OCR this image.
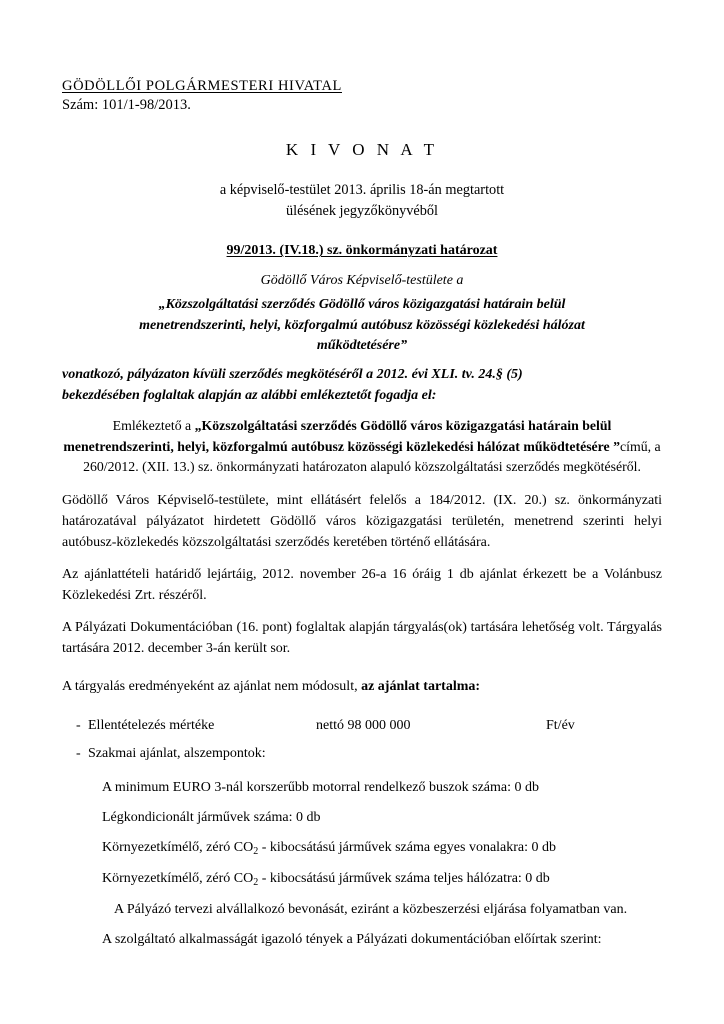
GÖDÖLLŐI POLGÁRMESTERI HIVATAL
Szám: 101/1-98/2013.
K I V O N A T
a képviselő-testület 2013. április 18-án megtartott
ülésének jegyzőkönyvéből
99/2013. (IV.18.) sz. önkormányzati határozat
Gödöllő Város Képviselő-testülete a
„Közszolgáltatási szerződés Gödöllő város közigazgatási határain belül
menetrendszerinti, helyi, közforgalmú autóbusz közösségi közlekedési hálózat
működtetésére”
vonatkozó, pályázaton kívüli szerződés megkötéséről a 2012. évi XLI. tv. 24.§ (5)
bekezdésében foglaltak alapján az alábbi emlékeztetőt fogadja el:
Emlékeztető a „Közszolgáltatási szerződés Gödöllő város közigazgatási határain belül menetrendszerinti, helyi, közforgalmú autóbusz közösségi közlekedési hálózat működtetésére ”című, a 260/2012. (XII. 13.) sz. önkormányzati határozaton alapuló közszolgáltatási szerződés megkötéséről.
Gödöllő Város Képviselő-testülete, mint ellátásért felelős a 184/2012. (IX. 20.) sz. önkormányzati határozatával pályázatot hirdetett Gödöllő város közigazgatási területén, menetrend szerinti helyi autóbusz-közlekedés közszolgáltatási szerződés keretében történő ellátására.
Az ajánlattételi határidő lejártáig, 2012. november 26-a 16 óráig 1 db ajánlat érkezett be a Volánbusz Közlekedési Zrt. részéről.
A Pályázati Dokumentációban (16. pont) foglaltak alapján tárgyalás(ok) tartására lehetőség volt. Tárgyalás tartására 2012. december 3-án került sor.
A tárgyalás eredményeként az ajánlat nem módosult, az ajánlat tartalma:
- Ellentételezés mértéke	nettó 98 000 000	Ft/év
- Szakmai ajánlat, alszempontok:
A minimum EURO 3-nál korszerűbb motorral rendelkező buszok száma: 0 db
Légkondicionált járművek száma: 0 db
Környezetkímélő, zéró $CO_2$ - kibocsátású járművek száma egyes vonalakra: 0 db
Környezetkímélő, zéró $CO_2$ - kibocsátású járművek száma teljes hálózatra: 0 db
A Pályázó tervezi alvállalkozó bevonását, eziránt a közbeszerzési eljárása folyamatban van.
A szolgáltató alkalmasságát igazoló tények a Pályázati dokumentációban előírtak szerint:
